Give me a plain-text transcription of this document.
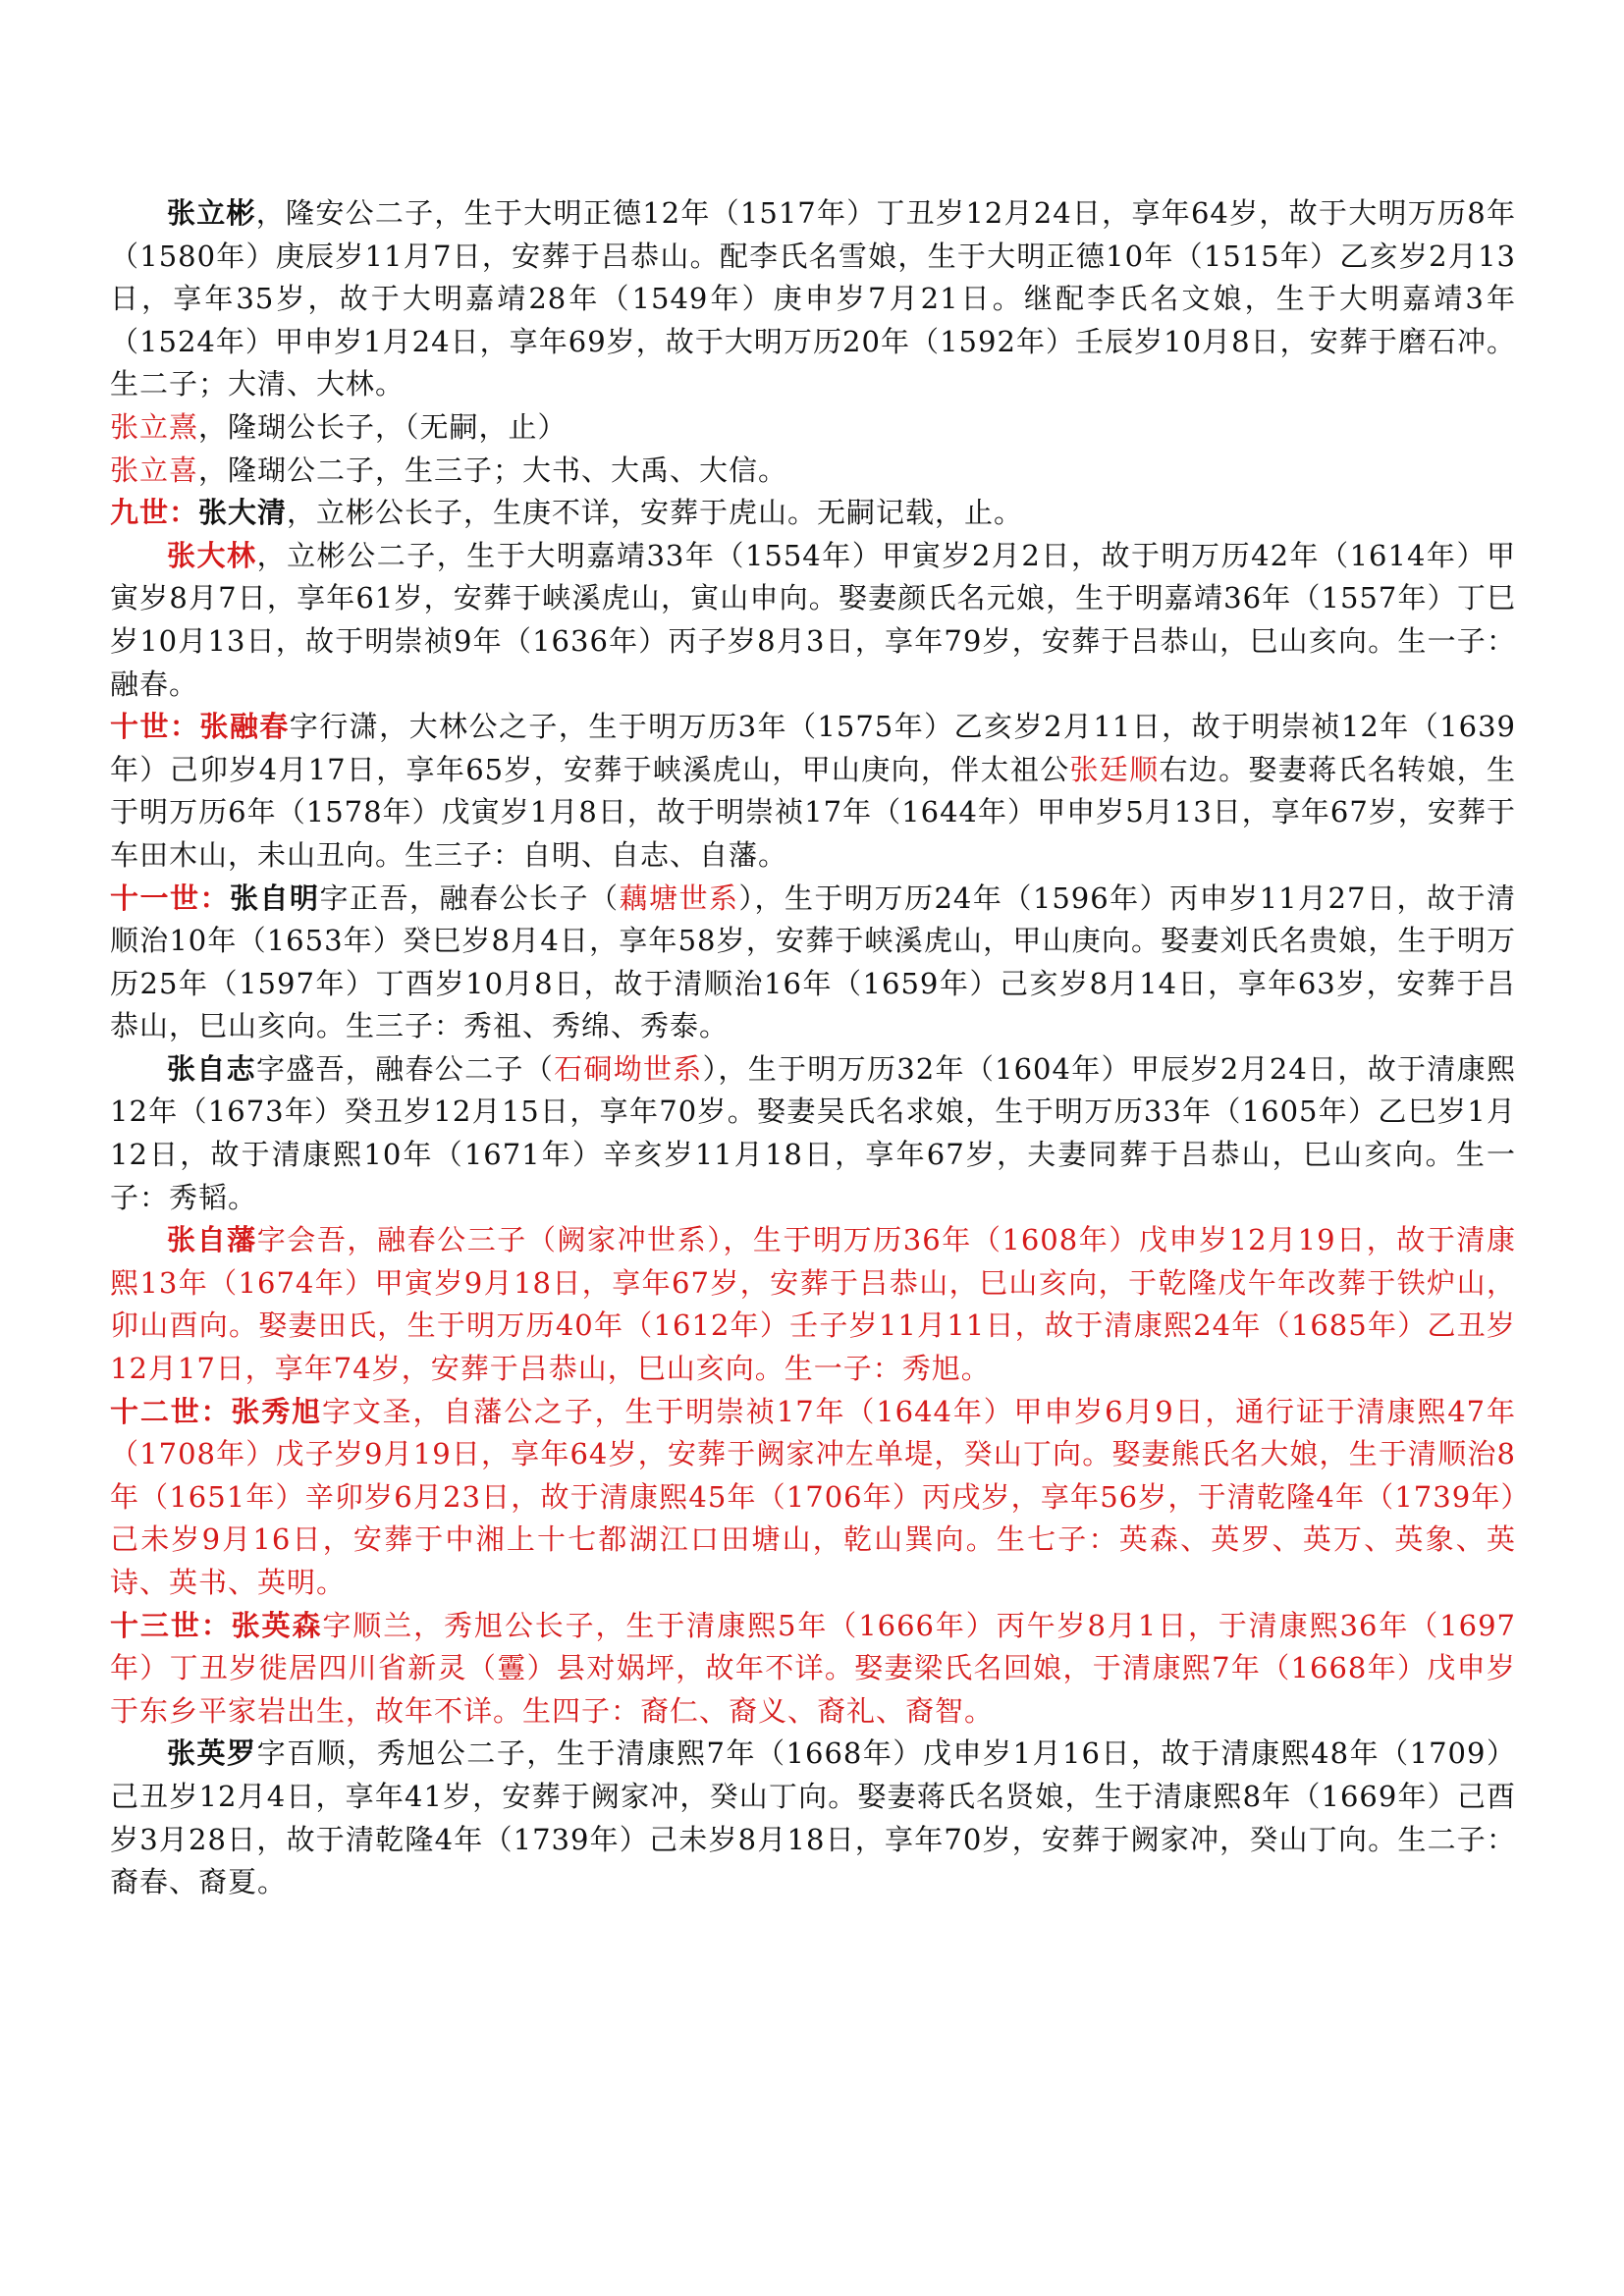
张立彬，隆安公二子，生于大明正德12年（1517年）丁丑岁12月24日，享年64岁，故于大明万历8年（1580年）庚辰岁11月7日，安葬于吕恭山。配李氏名雪娘，生于大明正德10年（1515年）乙亥岁2月13日，享年35岁，故于大明嘉靖28年（1549年）庚申岁7月21日。继配李氏名文娘，生于大明嘉靖3年（1524年）甲申岁1月24日，享年69岁，故于大明万历20年（1592年）壬辰岁10月8日，安葬于磨石冲。生二子；大清、大林。

张立熹，隆瑚公长子，（无嗣，止）

张立喜，隆瑚公二子，生三子；大书、大禹、大信。

九世：张大清，立彬公长子，生庚不详，安葬于虎山。无嗣记载，止。

张大林，立彬公二子，生于大明嘉靖33年（1554年）甲寅岁2月2日，故于明万历42年（1614年）甲寅岁8月7日，享年61岁，安葬于峡溪虎山，寅山申向。娶妻颜氏名元娘，生于明嘉靖36年（1557年）丁巳岁10月13日，故于明崇祯9年（1636年）丙子岁8月3日，享年79岁，安葬于吕恭山，巳山亥向。生一子：融春。

十世：张融春字行潇，大林公之子，生于明万历3年（1575年）乙亥岁2月11日，故于明崇祯12年（1639年）己卯岁4月17日，享年65岁，安葬于峡溪虎山，甲山庚向，伴太祖公张廷顺右边。娶妻蒋氏名转娘，生于明万历6年（1578年）戊寅岁1月8日，故于明崇祯17年（1644年）甲申岁5月13日，享年67岁，安葬于车田木山，未山丑向。生三子：自明、自志、自藩。

十一世：张自明字正吾，融春公长子（藕塘世系），生于明万历24年（1596年）丙申岁11月27日，故于清顺治10年（1653年）癸巳岁8月4日，享年58岁，安葬于峡溪虎山，甲山庚向。娶妻刘氏名贵娘，生于明万历25年（1597年）丁酉岁10月8日，故于清顺治16年（1659年）己亥岁8月14日，享年63岁，安葬于吕恭山，巳山亥向。生三子：秀祖、秀绵、秀泰。

张自志字盛吾，融春公二子（石硐坳世系），生于明万历32年（1604年）甲辰岁2月24日，故于清康熙12年（1673年）癸丑岁12月15日，享年70岁。娶妻吴氏名求娘，生于明万历33年（1605年）乙巳岁1月12日，故于清康熙10年（1671年）辛亥岁11月18日，享年67岁，夫妻同葬于吕恭山，巳山亥向。生一子：秀韬。

张自藩字会吾，融春公三子（阙家冲世系），生于明万历36年（1608年）戊申岁12月19日，故于清康熙13年（1674年）甲寅岁9月18日，享年67岁，安葬于吕恭山，巳山亥向，于乾隆戊午年改葬于铁炉山，卯山酉向。娶妻田氏，生于明万历40年（1612年）壬子岁11月11日，故于清康熙24年（1685年）乙丑岁12月17日，享年74岁，安葬于吕恭山，巳山亥向。生一子：秀旭。

十二世：张秀旭字文圣，自藩公之子，生于明崇祯17年（1644年）甲申岁6月9日，通行证于清康熙47年（1708年）戊子岁9月19日，享年64岁，安葬于阙家冲左单堤，癸山丁向。娶妻熊氏名大娘，生于清顺治8年（1651年）辛卯岁6月23日，故于清康熙45年（1706年）丙戌岁，享年56岁，于清乾隆4年（1739年）己未岁9月16日，安葬于中湘上十七都湖江口田塘山，乾山巽向。生七子：英森、英罗、英万、英象、英诗、英书、英明。

十三世：张英森字顺兰，秀旭公长子，生于清康熙5年（1666年）丙午岁8月1日，于清康熙36年（1697年）丁丑岁徙居四川省新灵（霻）县对娲坪，故年不详。娶妻梁氏名回娘，于清康熙7年（1668年）戊申岁于东乡平家岩出生，故年不详。生四子：裔仁、裔义、裔礼、裔智。

张英罗字百顺，秀旭公二子，生于清康熙7年（1668年）戊申岁1月16日，故于清康熙48年（1709）己丑岁12月4日，享年41岁，安葬于阙家冲，癸山丁向。娶妻蒋氏名贤娘，生于清康熙8年（1669年）己酉岁3月28日，故于清乾隆4年（1739年）己未岁8月18日，享年70岁，安葬于阙家冲，癸山丁向。生二子：裔春、裔夏。
